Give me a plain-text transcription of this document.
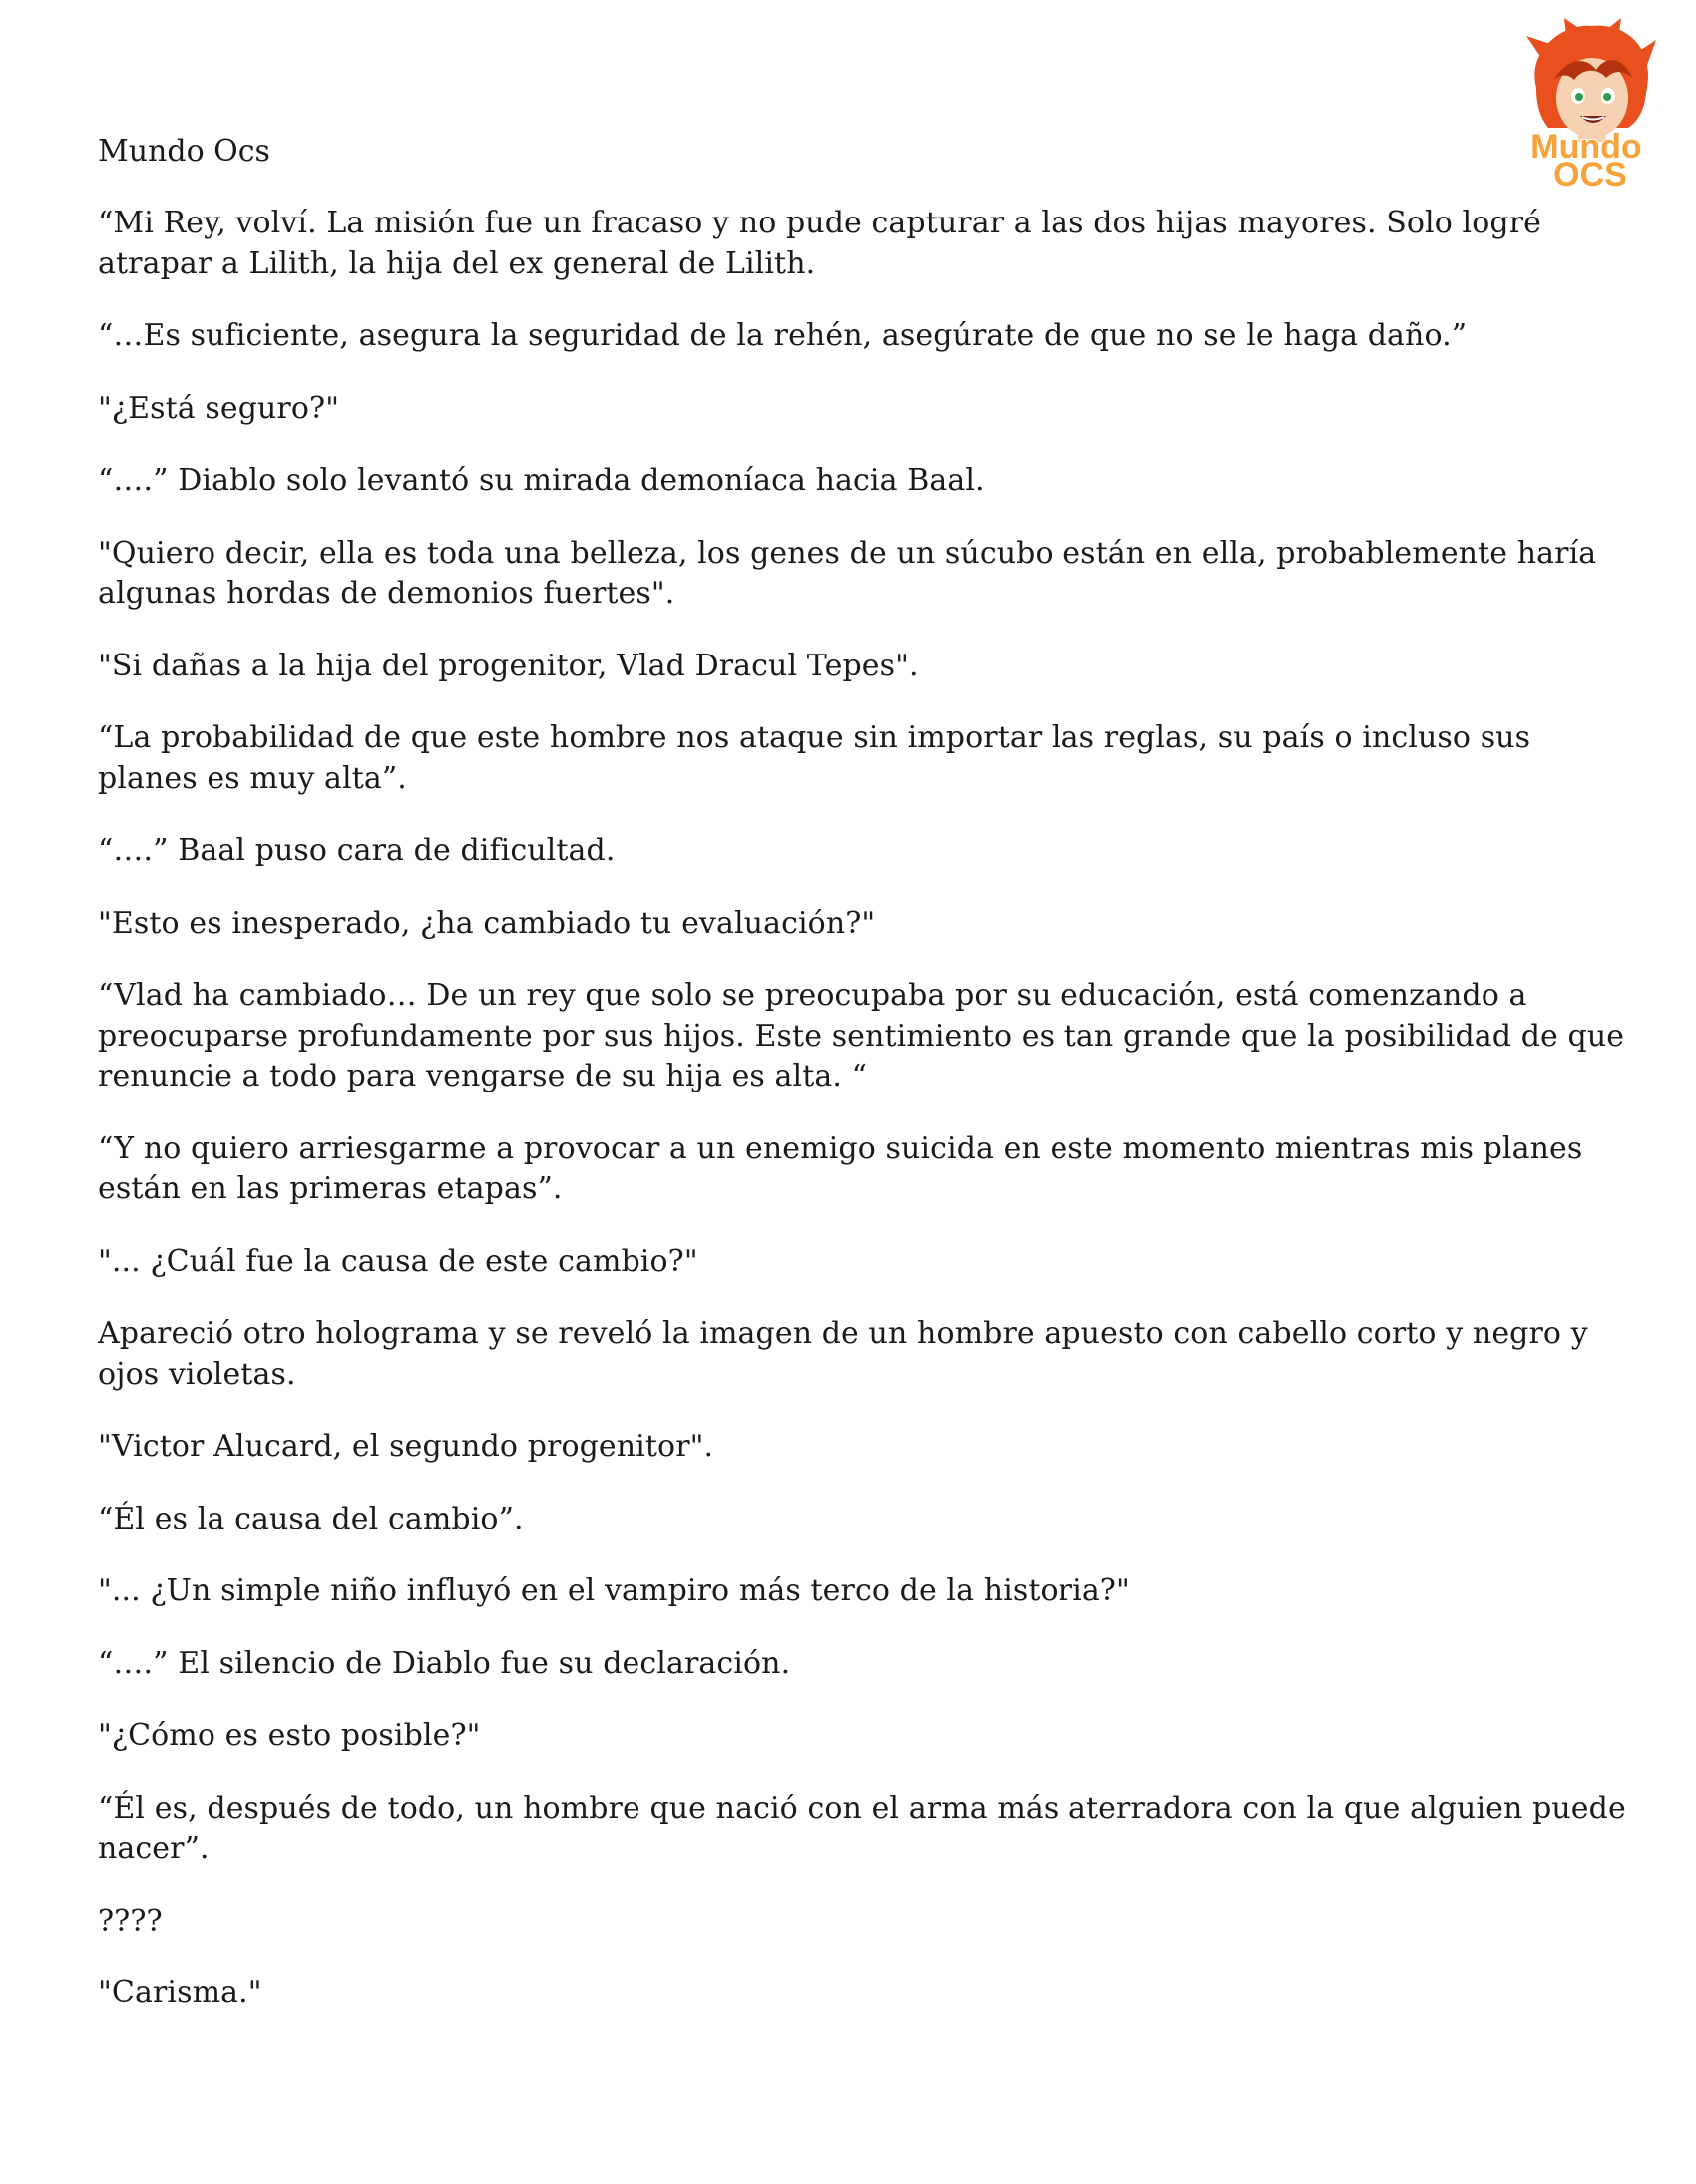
Mundo Ocs	Mundo
OCS

“Mi Rey, volví. La misión fue un fracaso y no pude capturar a las dos hijas mayores. Solo logré atrapar a Lilith, la hija del ex general de Lilith.

“…Es suficiente, asegura la seguridad de la rehén, asegúrate de que no se le haga daño.”

"¿Está seguro?"

“….” Diablo solo levantó su mirada demoníaca hacia Baal.

"Quiero decir, ella es toda una belleza, los genes de un súcubo están en ella, probablemente haría algunas hordas de demonios fuertes".

"Si dañas a la hija del progenitor, Vlad Dracul Tepes".

“La probabilidad de que este hombre nos ataque sin importar las reglas, su país o incluso sus planes es muy alta”.

“….” Baal puso cara de dificultad.

"Esto es inesperado, ¿ha cambiado tu evaluación?"

“Vlad ha cambiado… De un rey que solo se preocupaba por su educación, está comenzando a preocuparse profundamente por sus hijos. Este sentimiento es tan grande que la posibilidad de que renuncie a todo para vengarse de su hija es alta. “

“Y no quiero arriesgarme a provocar a un enemigo suicida en este momento mientras mis planes están en las primeras etapas”.

"... ¿Cuál fue la causa de este cambio?"

Apareció otro holograma y se reveló la imagen de un hombre apuesto con cabello corto y negro y ojos violetas.

"Victor Alucard, el segundo progenitor".

“Él es la causa del cambio”.

"... ¿Un simple niño influyó en el vampiro más terco de la historia?"

“….” El silencio de Diablo fue su declaración.

"¿Cómo es esto posible?"

“Él es, después de todo, un hombre que nació con el arma más aterradora con la que alguien puede nacer”.

????

"Carisma."
